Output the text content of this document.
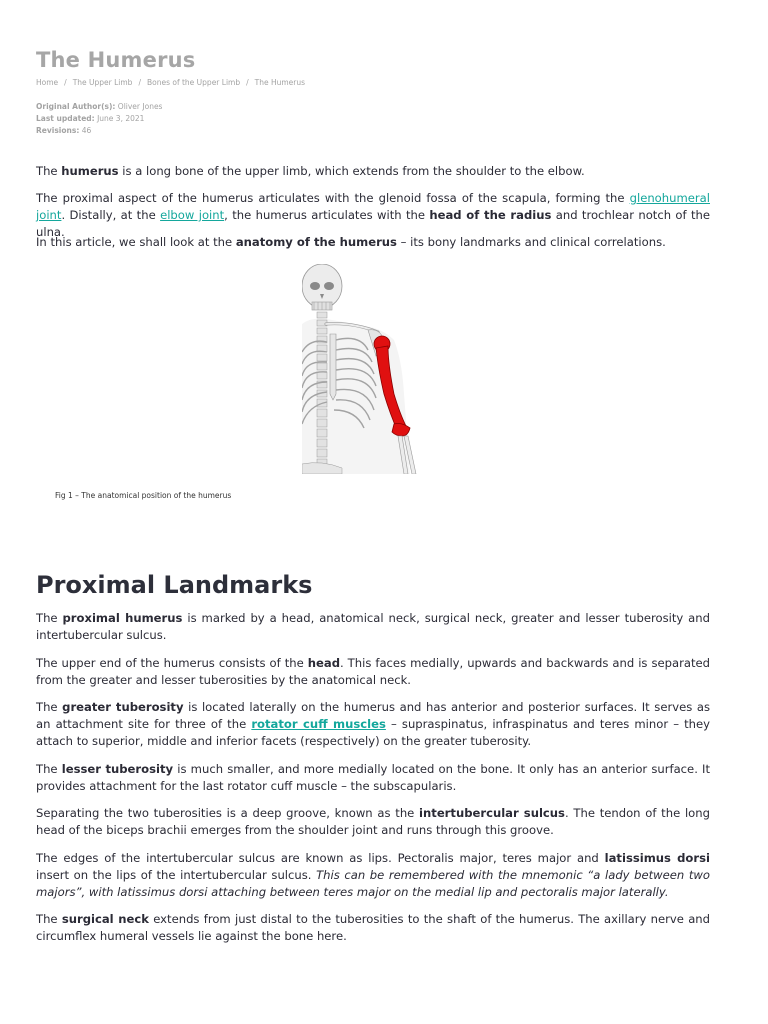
The Humerus
Home / The Upper Limb / Bones of the Upper Limb / The Humerus
Original Author(s): Oliver Jones
Last updated: June 3, 2021
Revisions: 46

The humerus is a long bone of the upper limb, which extends from the shoulder to the elbow.

The proximal aspect of the humerus articulates with the glenoid fossa of the scapula, forming the glenohumeral joint. Distally, at the elbow joint, the humerus articulates with the head of the radius and trochlear notch of the ulna.

In this article, we shall look at the anatomy of the humerus – its bony landmarks and clinical correlations.

Fig 1 – The anatomical position of the humerus
Proximal Landmarks

The proximal humerus is marked by a head, anatomical neck, surgical neck, greater and lesser tuberosity and intertubercular sulcus.

The upper end of the humerus consists of the head. This faces medially, upwards and backwards and is separated from the greater and lesser tuberosities by the anatomical neck.

The greater tuberosity is located laterally on the humerus and has anterior and posterior surfaces. It serves as an attachment site for three of the rotator cuff muscles – supraspinatus, infraspinatus and teres minor – they attach to superior, middle and inferior facets (respectively) on the greater tuberosity.

The lesser tuberosity is much smaller, and more medially located on the bone. It only has an anterior surface. It provides attachment for the last rotator cuff muscle – the subscapularis.

Separating the two tuberosities is a deep groove, known as the intertubercular sulcus. The tendon of the long head of the biceps brachii emerges from the shoulder joint and runs through this groove.

The edges of the intertubercular sulcus are known as lips. Pectoralis major, teres major and latissimus dorsi insert on the lips of the intertubercular sulcus. This can be remembered with the mnemonic “a lady between two majors”, with latissimus dorsi attaching between teres major on the medial lip and pectoralis major laterally.

The surgical neck extends from just distal to the tuberosities to the shaft of the humerus. The axillary nerve and circumflex humeral vessels lie against the bone here.
